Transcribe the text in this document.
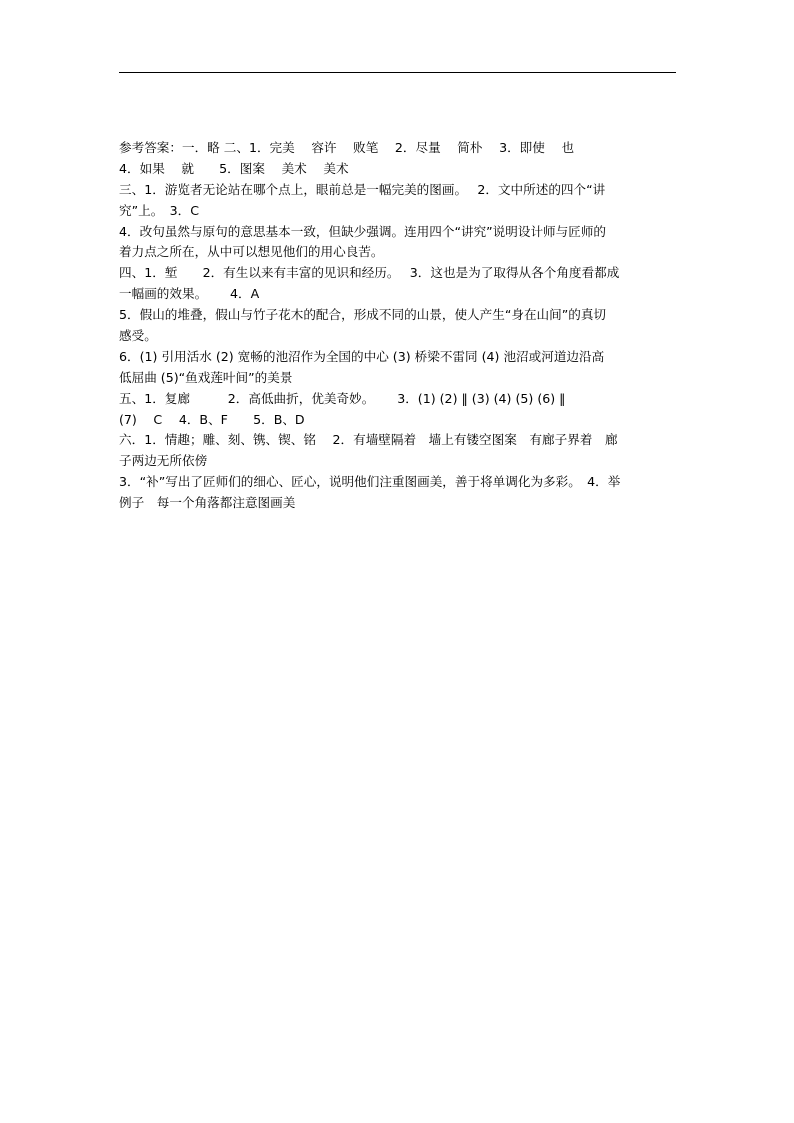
参考答案：一．略 二、1．完美　 容许　 败笔　 2．尽量　 简朴　 3．即使　 也
4．如果　 就　　5．图案　 美术　 美术
三、1．游览者无论站在哪个点上，眼前总是一幅完美的图画。　 2．文中所述的四个“讲
究”上。　3．C
4．改句虽然与原句的意思基本一致，但缺少强调。连用四个“讲究”说明设计师与匠师的
着力点之所在，从中可以想见他们的用心良苦。
四、1．堑　　2．有生以来有丰富的见识和经历。　 3．这也是为了取得从各个角度看都成
一幅画的效果。　　 4．A
5．假山的堆叠，假山与竹子花木的配合，形成不同的山景，使人产生“身在山间”的真切
感受。
6．(1) 引用活水 (2) 宽畅的池沼作为全国的中心 (3) 桥梁不雷同 (4) 池沼或河道边沿高
低屈曲 (5)“鱼戏莲叶间”的美景
五、1．复廊　　　2．高低曲折，优美奇妙。　　 3．(1) (2) ‖ (3) (4) (5) (6) ‖
(7)　 C　 4．B、F　　5．B、D
六．1．情趣；雕、刻、镌、锲、铭　 2．有墙壁隔着　墙上有镂空图案　有廊子界着　廊
子两边无所依傍
3．“补”写出了匠师们的细心、匠心，说明他们注重图画美，善于将单调化为多彩。　4．举
例子　每一个角落都注意图画美
